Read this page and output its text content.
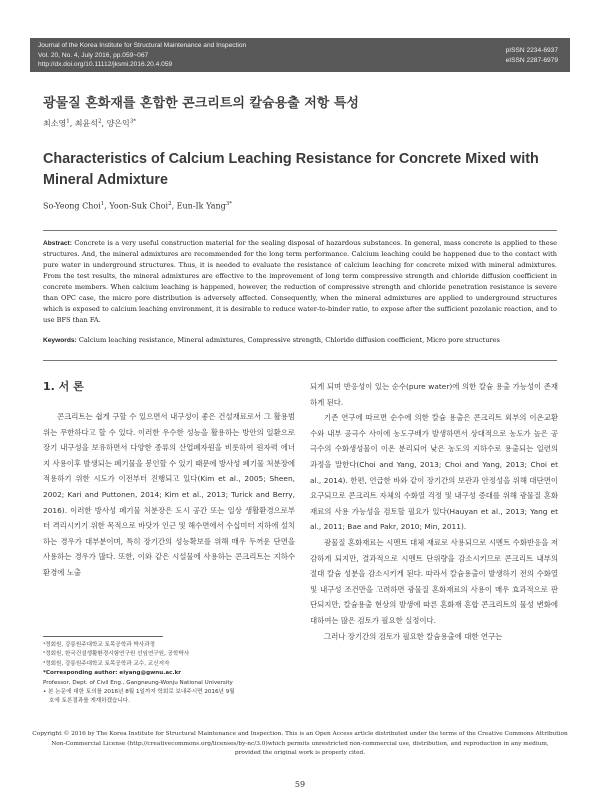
Journal of the Korea Institute for Structural Maintenance and Inspection
Vol. 20, No. 4, July 2016, pp.059~067
http://dx.doi.org/10.11112/jksmi.2016.20.4.059
pISSN 2234-6937
eISSN 2287-6979
광물질 혼화재를 혼합한 콘크리트의 칼슘용출 저항 특성
최소영$^1$, 최윤석$^2$, 양은익$^{3*}$
Characteristics of Calcium Leaching Resistance for Concrete Mixed with Mineral Admixture
So-Yeong Choi$^1$, Yoon-Suk Choi$^2$, Eun-Ik Yang$^{3*}$
Abstract: Concrete is a very useful construction material for the sealing disposal of hazardous substances. In general, mass concrete is applied to these structures. And, the mineral admixtures are recommended for the long term performance. Calcium leaching could be happened due to the contact with pure water in underground structures. Thus, it is needed to evaluate the resistance of calcium leaching for concrete mixed with mineral admixtures. From the test results, the mineral admixtures are effective to the improvement of long term compressive strength and chloride diffusion coefficient in concrete members. When calcium leaching is happened, however, the reduction of compressive strength and chloride penetration resistance is severe than OPC case, the micro pore distribution is adversely affected. Consequently, when the mineral admixtures are applied to underground structures which is exposed to calcium leaching environment, it is desirable to reduce water-to-binder ratio, to expose after the sufficient pozolanic reaction, and to use BFS than FA.
Keywords: Calcium leaching resistance, Mineral admixtures, Compressive strength, Chloride diffusion coefficient, Micro pore structures
1. 서 론

콘크리트는 쉽게 구할 수 있으면서 내구성이 좋은 건설재료로서 그 활용범위는 무한하다고 할 수 있다. 이러한 우수한 성능을 활용하는 방안의 일환으로 장기 내구성을 보유하면서 다양한 종류의 산업폐자원을 비롯하여 원자력 에너지 사용이후 발생되는 폐기물을 봉인할 수 있기 때문에 방사성 폐기물 처분장에 적용하기 위한 시도가 이전부터 진행되고 있다(Kim et al., 2005; Sheen, 2002; Kari and Puttonen, 2014; Kim et al., 2013; Turick and Berry, 2016). 이러한 방사성 폐기물 처분장은 도시 공간 또는 일상 생활환경으로부터 격리시키기 위한 목적으로 바닷가 인근 및 해수면에서 수십미터 지하에 설치하는 경우가 대부분이며, 특히 장기간의 성능확보를 위해 매우 두꺼운 단면을 사용하는 경우가 많다. 또한, 이와 같은 시설물에 사용하는 콘크리트는 지하수 환경에 노출

되게 되며 반응성이 있는 순수(pure water)에 의한 칼슘 용출 가능성이 존재하게 된다.

기존 연구에 따르면 순수에 의한 칼슘 용출은 콘크리트 외부의 이온교환수와 내부 공극수 사이에 농도구배가 발생하면서 상대적으로 농도가 높은 공극수의 수화생성물이 이온 분리되어 낮은 농도의 지하수로 용출되는 일련의 과정을 말한다(Choi and Yang, 2013; Choi and Yang, 2013; Choi et al., 2014). 한편, 언급한 바와 같이 장기간의 보관과 안정성을 위해 대단면이 요구되므로 콘크리트 자체의 수화열 걱정 및 내구성 증대를 위해 광물질 혼화재료의 사용 가능성을 검토할 필요가 있다(Hauyan et al., 2013; Yang et al., 2011; Bae and Pakr, 2010; Min, 2011).

광물질 혼화재료는 시멘트 대체 재료로 사용되므로 시멘트 수화반응을 저감하게 되지만, 결과적으로 시멘트 단위량을 감소시키므로 콘크리트 내부의 절대 칼슘 성분을 감소시키게 된다. 따라서 칼슘용출이 발생하기 전의 수화열 및 내구성 조건만을 고려하면 광물질 혼화재료의 사용이 매우 효과적으로 판단되지만, 칼슘용출 현상의 발생에 따른 혼화재 혼합 콘크리트의 물성 변화에 대하여는 많은 검토가 필요한 실정이다.

그러나 장기간의 검토가 필요한 칼슘용출에 대한 연구는

¹정회원, 강릉원주대학교 토목공학과 박사과정
²정회원, 한국건설생활환경시험연구원 선임연구원, 공학박사
³정회원, 강릉원주대학교 토목공학과 교수, 교신저자
*Corresponding author: eiyang@gwnu.ac.kr
Professor, Dept. of Civil Eng., Gangneung-Wonju National University
• 본 논문에 대한 토의를 2016년 8월 1일까지 학회로 보내주시면 2016년 9월
호에 토론결과를 게재하겠습니다.
Copyright © 2016 by The Korea Institute for Structural Maintenance and Inspection. This is an Open Access article distributed under the terms of the Creative Commons Attribution
Non-Commercial License (http://creativecommons.org/licenses/by-nc/3.0)which permits unrestricted non-commercial use, distribution, and reproduction in any medium,
provided the original work is properly cited.
59
